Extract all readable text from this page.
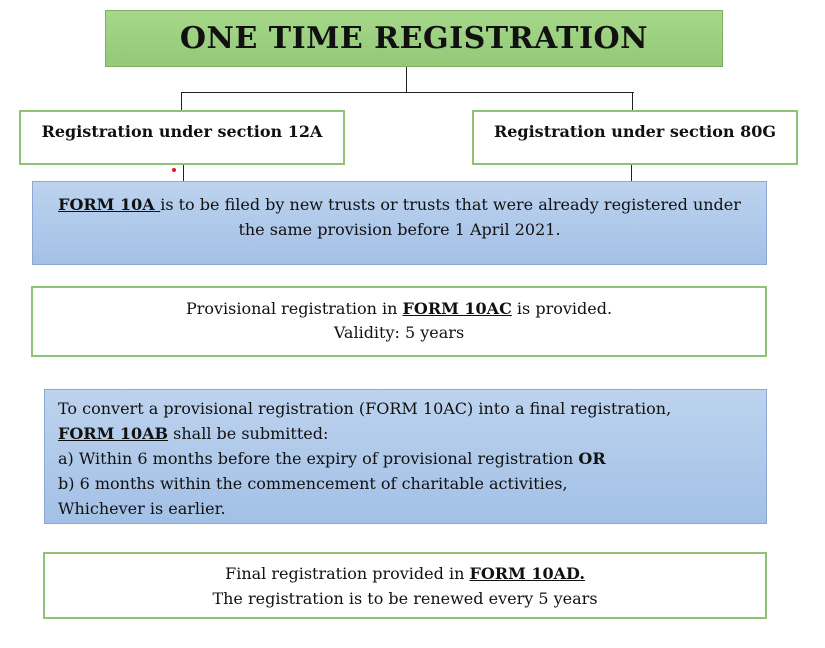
ONE TIME REGISTRATION
Registration under section 12A	Registration under section 80G
FORM 10A is to be filed by new trusts or trusts that were already registered under the same provision before 1 April 2021.
Provisional registration in FORM 10AC is provided.
Validity: 5 years
To convert a provisional registration (FORM 10AC) into a final registration,
FORM 10AB shall be submitted:
a) Within 6 months before the expiry of provisional registration OR
b) 6 months within the commencement of charitable activities,
Whichever is earlier.
Final registration provided in FORM 10AD.
The registration is to be renewed every 5 years
